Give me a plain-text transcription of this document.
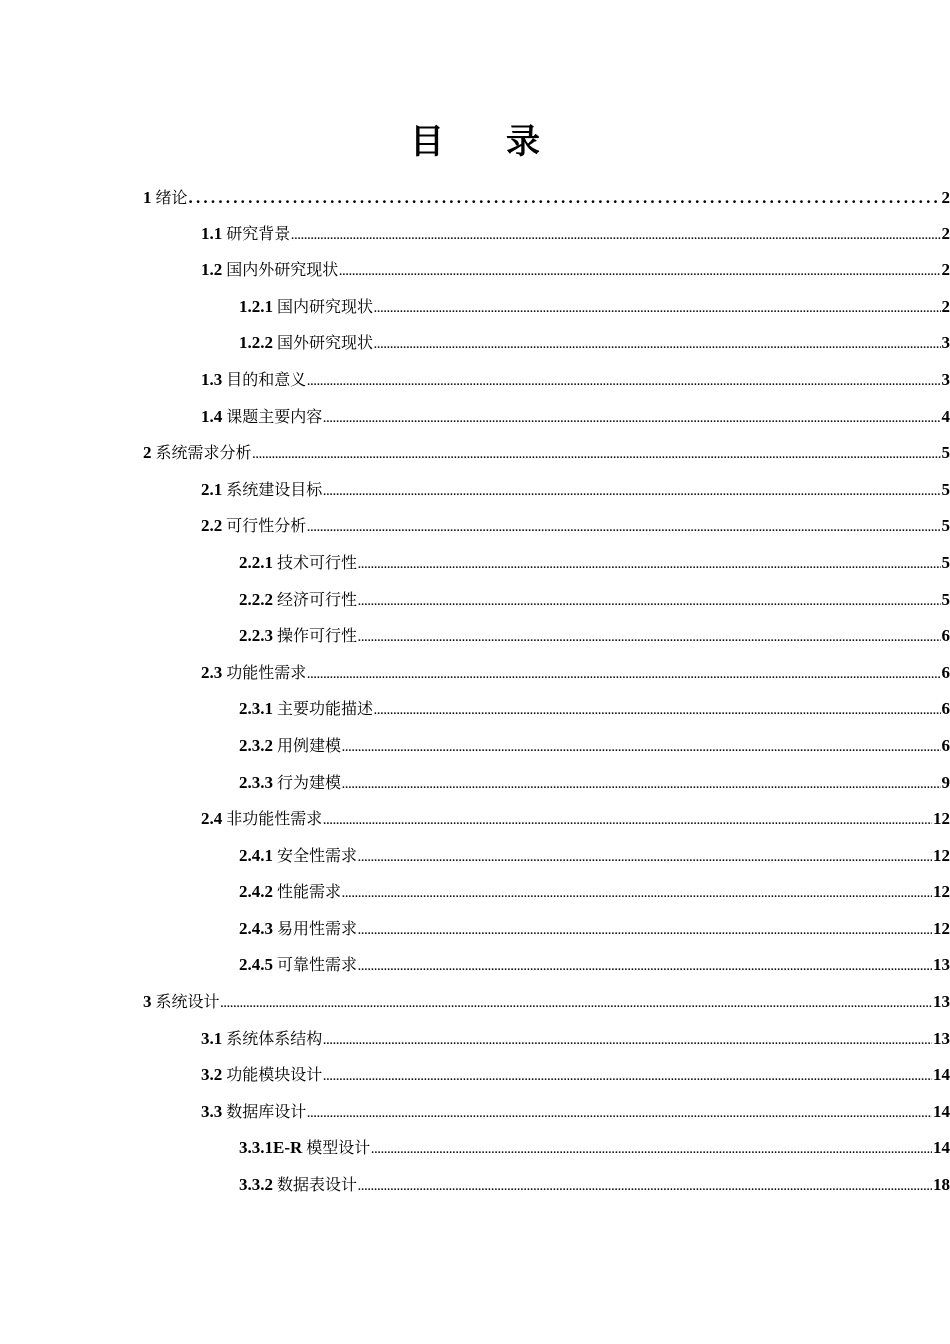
目 录
1 绪论 .....	2
1.1 研究背景 .....	2
1.2 国内外研究现状 .....	2
1.2.1 国内研究现状 .....	2
1.2.2 国外研究现状 .....	3
1.3 目的和意义 .....	3
1.4 课题主要内容 .....	4
2 系统需求分析 .....	5
2.1 系统建设目标 .....	5
2.2 可行性分析 .....	5
2.2.1 技术可行性 .....	5
2.2.2 经济可行性 .....	5
2.2.3 操作可行性 .....	6
2.3 功能性需求 .....	6
2.3.1 主要功能描述 .....	6
2.3.2 用例建模 .....	6
2.3.3 行为建模 .....	9
2.4 非功能性需求 .....	12
2.4.1 安全性需求 .....	12
2.4.2 性能需求 .....	12
2.4.3 易用性需求 .....	12
2.4.5 可靠性需求 .....	13
3 系统设计 .....	13
3.1 系统体系结构 .....	13
3.2 功能模块设计 .....	14
3.3 数据库设计 .....	14
3.3.1E-R 模型设计 .....	14
3.3.2 数据表设计 .....	18
